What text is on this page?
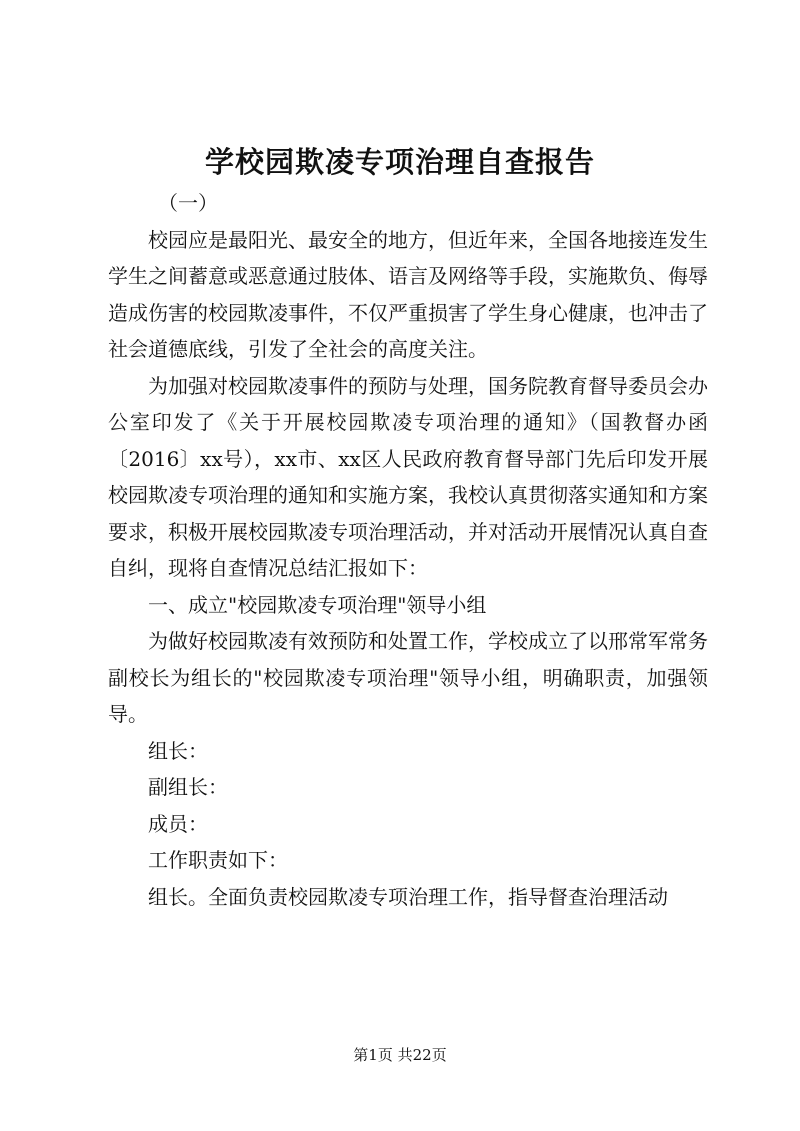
学校园欺凌专项治理自查报告

（一）

校园应是最阳光、最安全的地方，但近年来，全国各地接连发生学生之间蓄意或恶意通过肢体、语言及网络等手段，实施欺负、侮辱造成伤害的校园欺凌事件，不仅严重损害了学生身心健康，也冲击了社会道德底线，引发了全社会的高度关注。

为加强对校园欺凌事件的预防与处理，国务院教育督导委员会办公室印发了《关于开展校园欺凌专项治理的通知》（国教督办函〔2016〕xx号），xx市、xx区人民政府教育督导部门先后印发开展校园欺凌专项治理的通知和实施方案，我校认真贯彻落实通知和方案要求，积极开展校园欺凌专项治理活动，并对活动开展情况认真自查自纠，现将自查情况总结汇报如下：

一、成立"校园欺凌专项治理"领导小组

为做好校园欺凌有效预防和处置工作，学校成立了以邢常军常务副校长为组长的"校园欺凌专项治理"领导小组，明确职责，加强领导。

组长：

副组长：

成员：

工作职责如下：

组长。全面负责校园欺凌专项治理工作，指导督查治理活动

第1页 共22页
